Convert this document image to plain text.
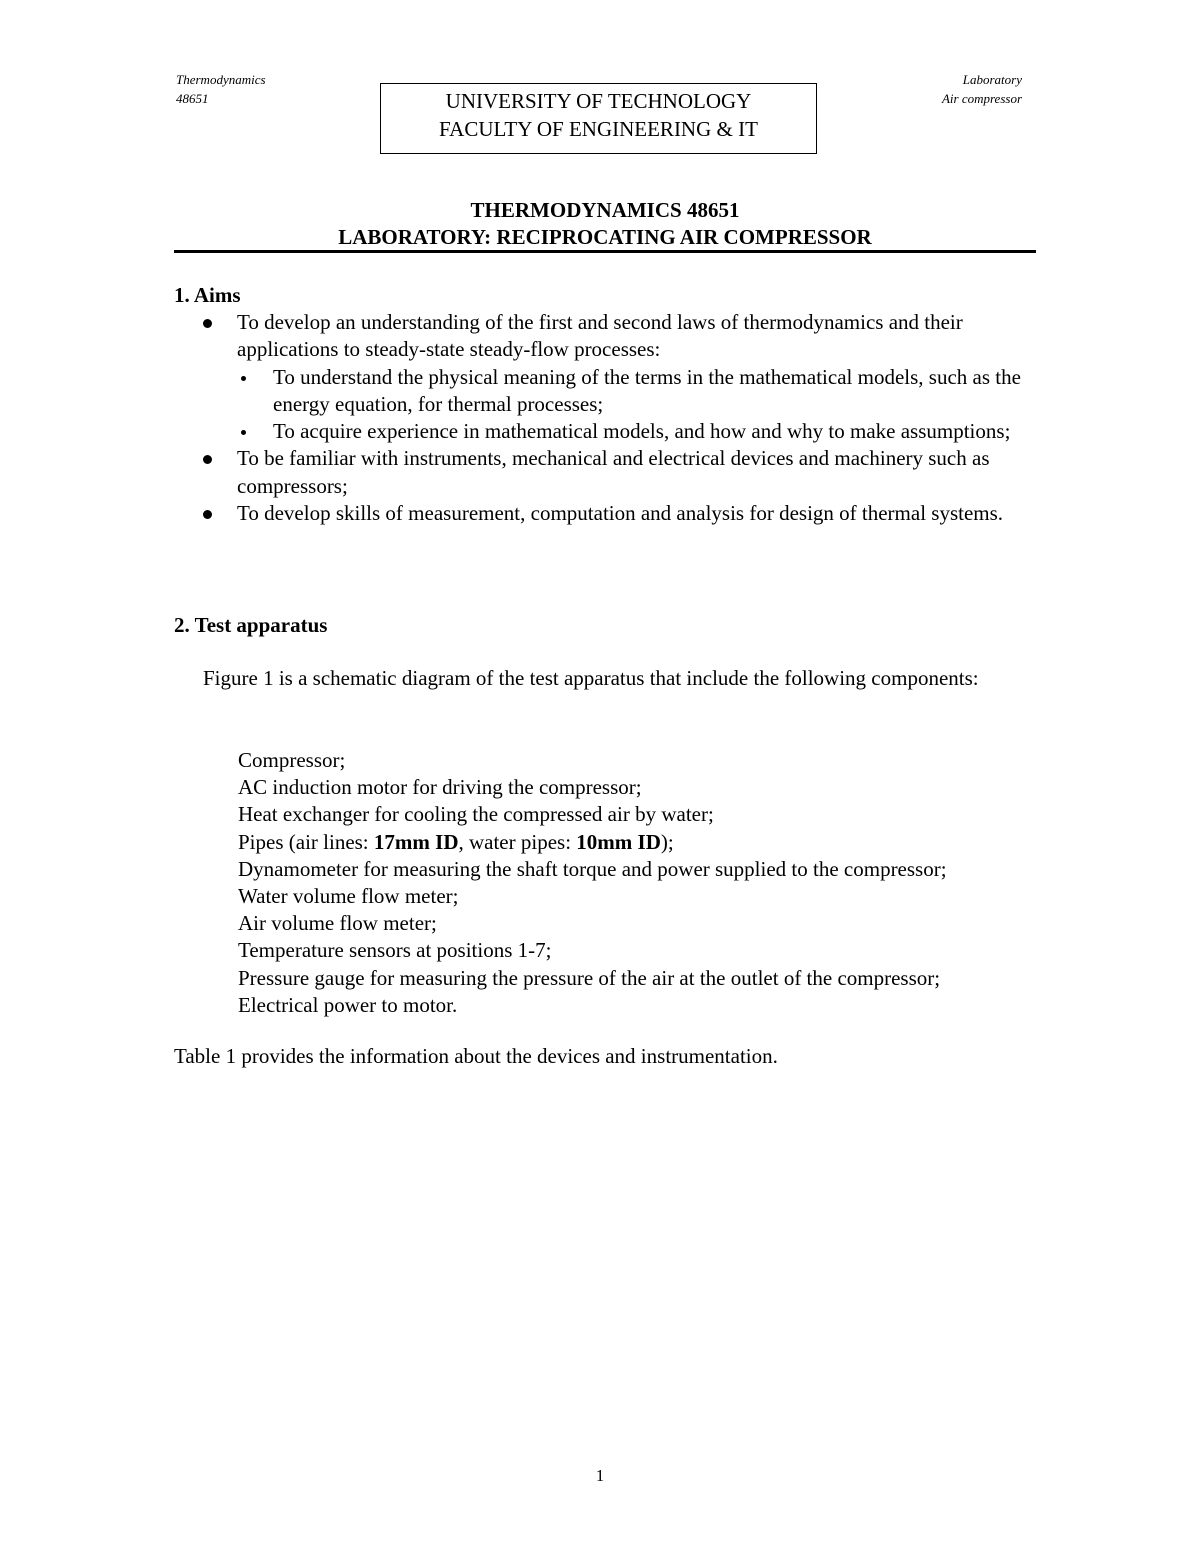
Thermodynamics
48651	UNIVERSITY OF TECHNOLOGY
FACULTY OF ENGINEERING & IT
Laboratory
Air compressor
THERMODYNAMICS 48651
LABORATORY: RECIPROCATING AIR COMPRESSOR
1. Aims
To develop an understanding of the first and second laws of thermodynamics and their applications to steady-state steady-flow processes:
To understand the physical meaning of the terms in the mathematical models, such as the energy equation, for thermal processes;
To acquire experience in mathematical models, and how and why to make assumptions;
To be familiar with instruments, mechanical and electrical devices and machinery such as compressors;
To develop skills of measurement, computation and analysis for design of thermal systems.
2. Test apparatus
Figure 1 is a schematic diagram of the test apparatus that include the following components:
Compressor;
AC induction motor for driving the compressor;
Heat exchanger for cooling the compressed air by water;
Pipes (air lines: 17mm ID, water pipes: 10mm ID);
Dynamometer for measuring the shaft torque and power supplied to the compressor;
Water volume flow meter;
Air volume flow meter;
Temperature sensors at positions 1-7;
Pressure gauge for measuring the pressure of the air at the outlet of the compressor;
Electrical power to motor.
Table 1 provides the information about the devices and instrumentation.
1
